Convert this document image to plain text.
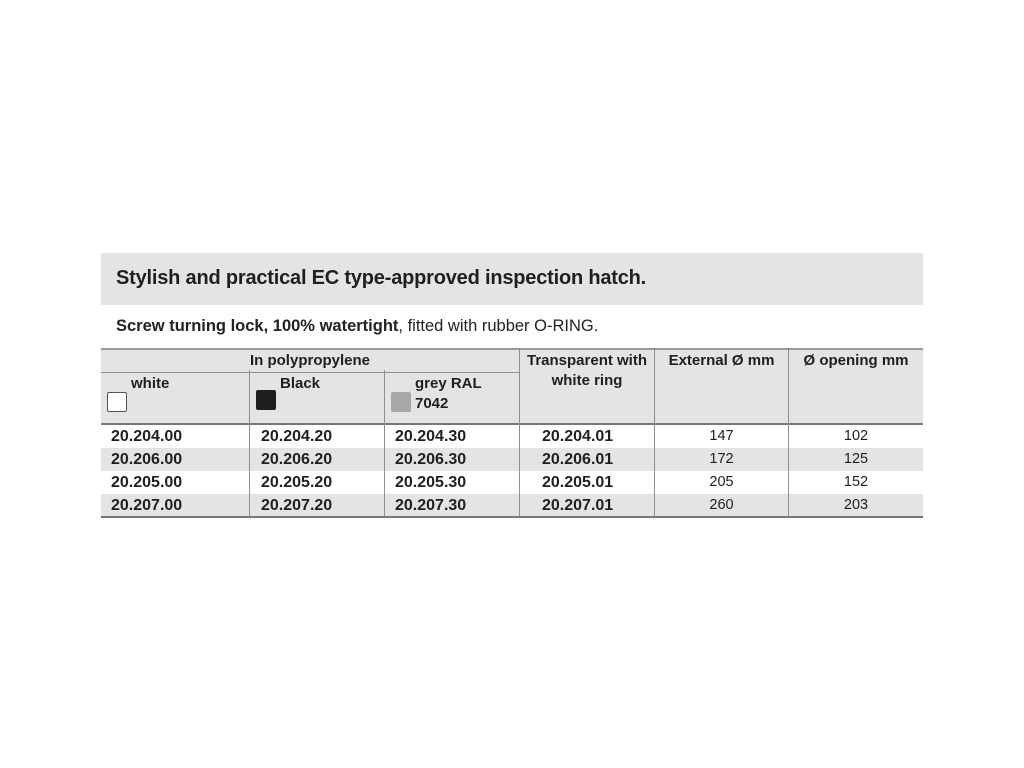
Stylish and practical EC type-approved inspection hatch.
Screw turning lock, 100% watertight, fitted with rubber O-RING.
In polypropylene
white	Black	grey RAL 7042
Transparent with white ring
External Ø mm	Ø opening mm
20.204.00	20.204.20	20.204.30	20.204.01	147	102
20.206.00	20.206.20	20.206.30	20.206.01	172	125
20.205.00	20.205.20	20.205.30	20.205.01	205	152
20.207.00	20.207.20	20.207.30	20.207.01	260	203
